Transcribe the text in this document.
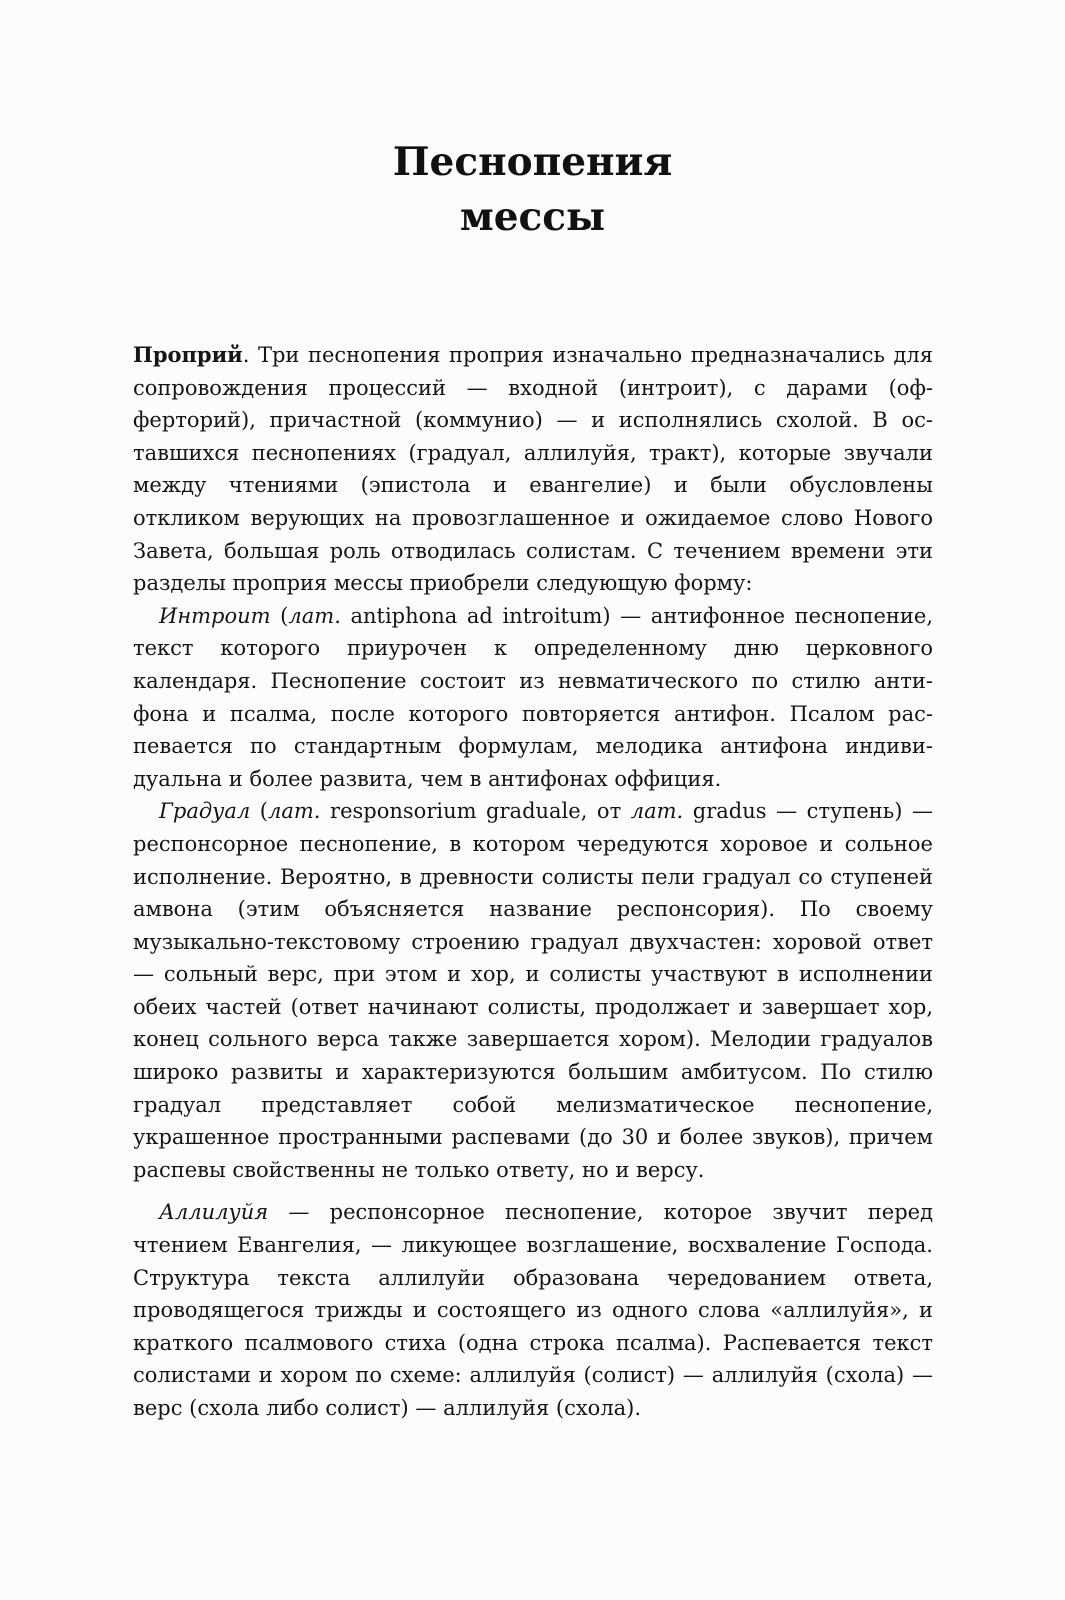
Песнопения
мессы

Проприй. Три песнопения проприя изначально предназначались для сопровождения процессий — входной (интроит), с дарами (офферторий), причастной (коммунио) — и исполнялись схолой. В оставшихся песнопениях (градуал, аллилуйя, тракт), которые звучали между чтениями (эпистола и евангелие) и были обусловлены откликом верующих на провозглашенное и ожидаемое слово Нового Завета, большая роль отводилась солистам. С течением времени эти разделы проприя мессы приобрели следующую форму:

Интроит (лат. antiphona ad introitum) — антифонное песнопение, текст которого приурочен к определенному дню церковного календаря. Песнопение состоит из невматического по стилю антифона и псалма, после которого повторяется антифон. Псалом распевается по стандартным формулам, мелодика антифона индивидуальна и более развита, чем в антифонах оффиция.

Градуал (лат. responsorium graduale, от лат. gradus — ступень) — респонсорное песнопение, в котором чередуются хоровое и сольное исполнение. Вероятно, в древности солисты пели градуал со ступеней амвона (этим объясняется название респонсория). По своему музыкально-текстовому строению градуал двухчастен: хоровой ответ — сольный верс, при этом и хор, и солисты участвуют в исполнении обеих частей (ответ начинают солисты, продолжает и завершает хор, конец сольного верса также завершается хором). Мелодии градуалов широко развиты и характеризуются большим амбитусом. По стилю градуал представляет собой мелизматическое песнопение, украшенное пространными распевами (до 30 и более звуков), причем распевы свойственны не только ответу, но и версу.

Аллилуйя — респонсорное песнопение, которое звучит перед чтением Евангелия, — ликующее возглашение, восхваление Господа. Структура текста аллилуйи образована чередованием ответа, проводящегося трижды и состоящего из одного слова «аллилуйя», и краткого псалмового стиха (одна строка псалма). Распевается текст солистами и хором по схеме: аллилуйя (солист) — аллилуйя (схола) — верс (схола либо солист) — аллилуйя (схола).
